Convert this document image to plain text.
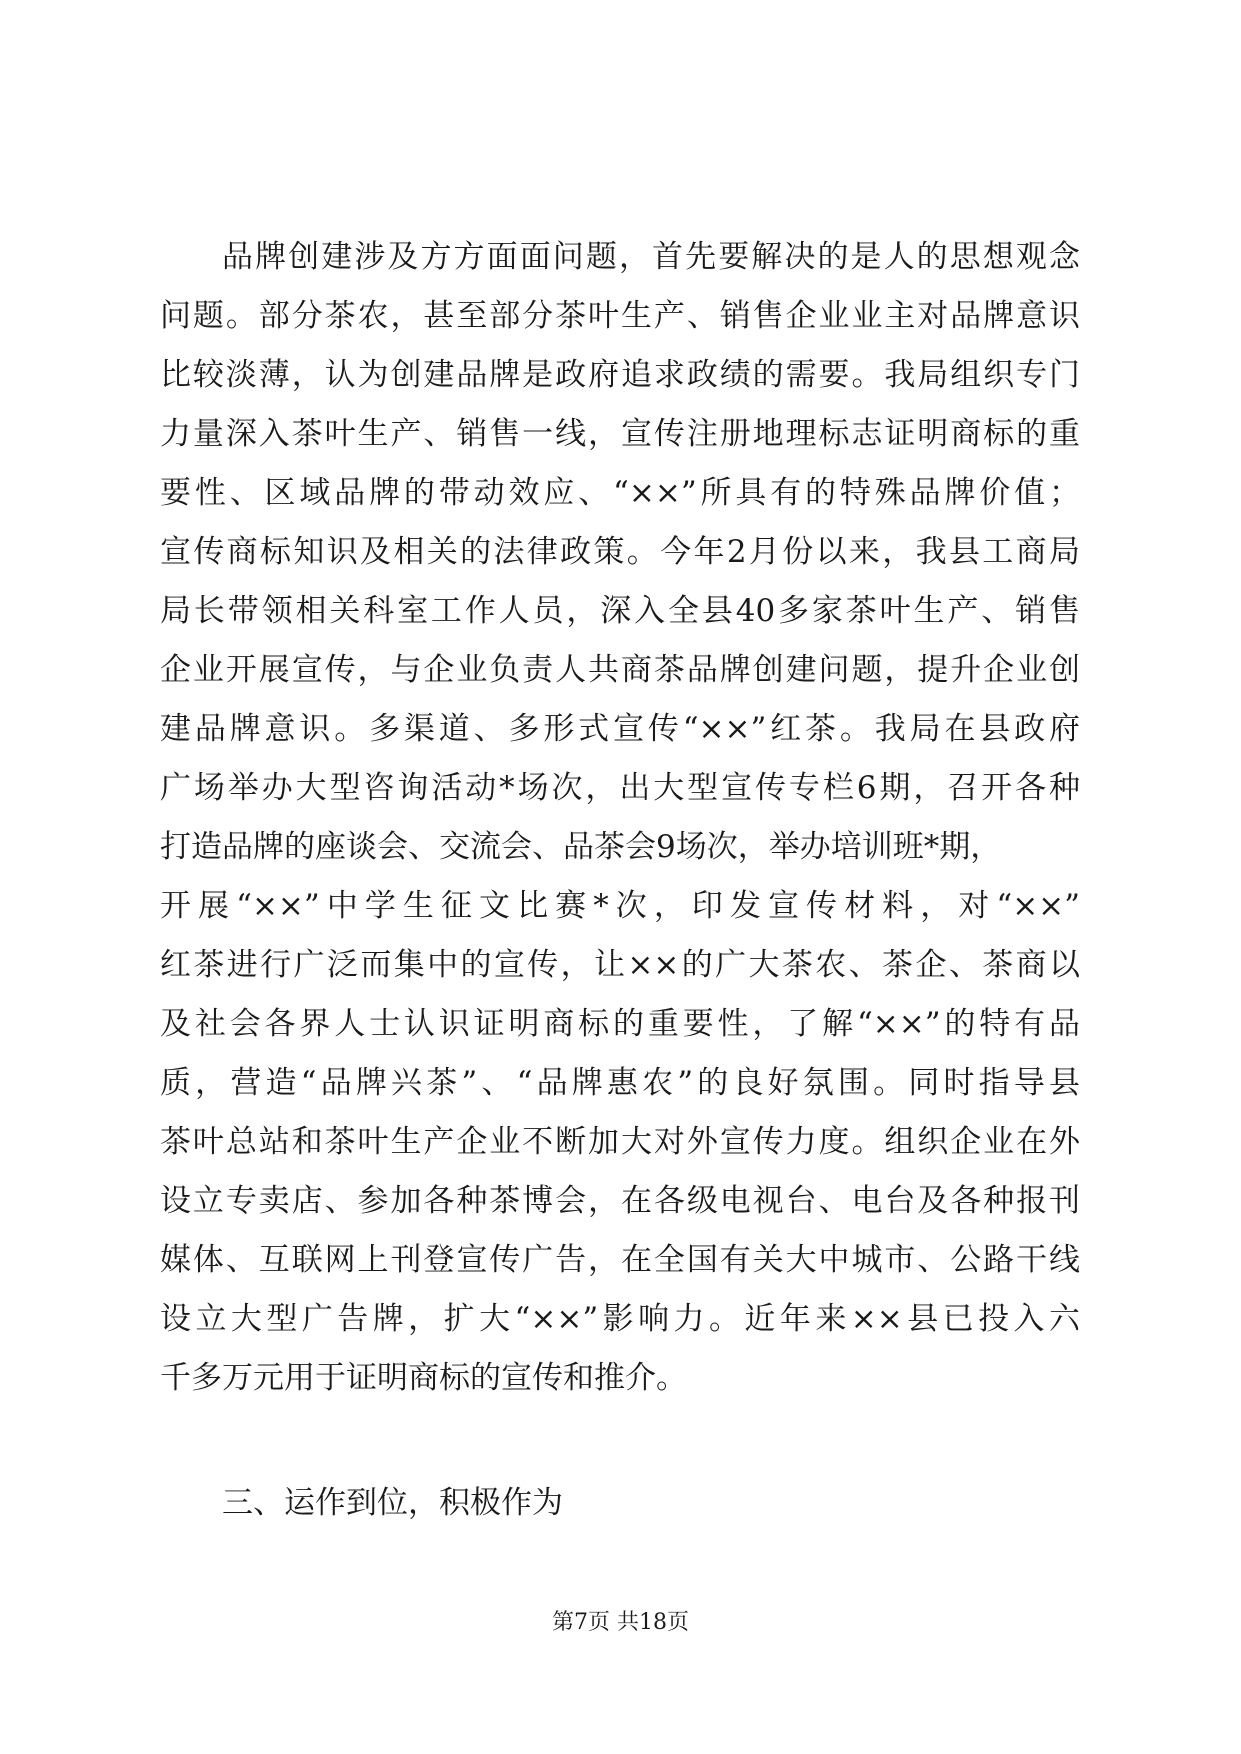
品牌创建涉及方方面面问题，首先要解决的是人的思想观念
问题。部分茶农，甚至部分茶叶生产、销售企业业主对品牌意识
比较淡薄，认为创建品牌是政府追求政绩的需要。我局组织专门
力量深入茶叶生产、销售一线，宣传注册地理标志证明商标的重
要性、区域品牌的带动效应、“××”所具有的特殊品牌价值；
宣传商标知识及相关的法律政策。今年2月份以来，我县工商局
局长带领相关科室工作人员，深入全县40多家茶叶生产、销售
企业开展宣传，与企业负责人共商茶品牌创建问题，提升企业创
建品牌意识。多渠道、多形式宣传“××”红茶。我局在县政府
广场举办大型咨询活动*场次，出大型宣传专栏6期，召开各种
打造品牌的座谈会、交流会、品茶会9场次，举办培训班*期，
开展“××”中学生征文比赛*次，印发宣传材料，对“××”
红茶进行广泛而集中的宣传，让××的广大茶农、茶企、茶商以
及社会各界人士认识证明商标的重要性，了解“××”的特有品
质，营造“品牌兴茶”、“品牌惠农”的良好氛围。同时指导县
茶叶总站和茶叶生产企业不断加大对外宣传力度。组织企业在外
设立专卖店、参加各种茶博会，在各级电视台、电台及各种报刊
媒体、互联网上刊登宣传广告，在全国有关大中城市、公路干线
设立大型广告牌，扩大“××”影响力。近年来××县已投入六
千多万元用于证明商标的宣传和推介。
三、运作到位，积极作为
第7页 共18页
